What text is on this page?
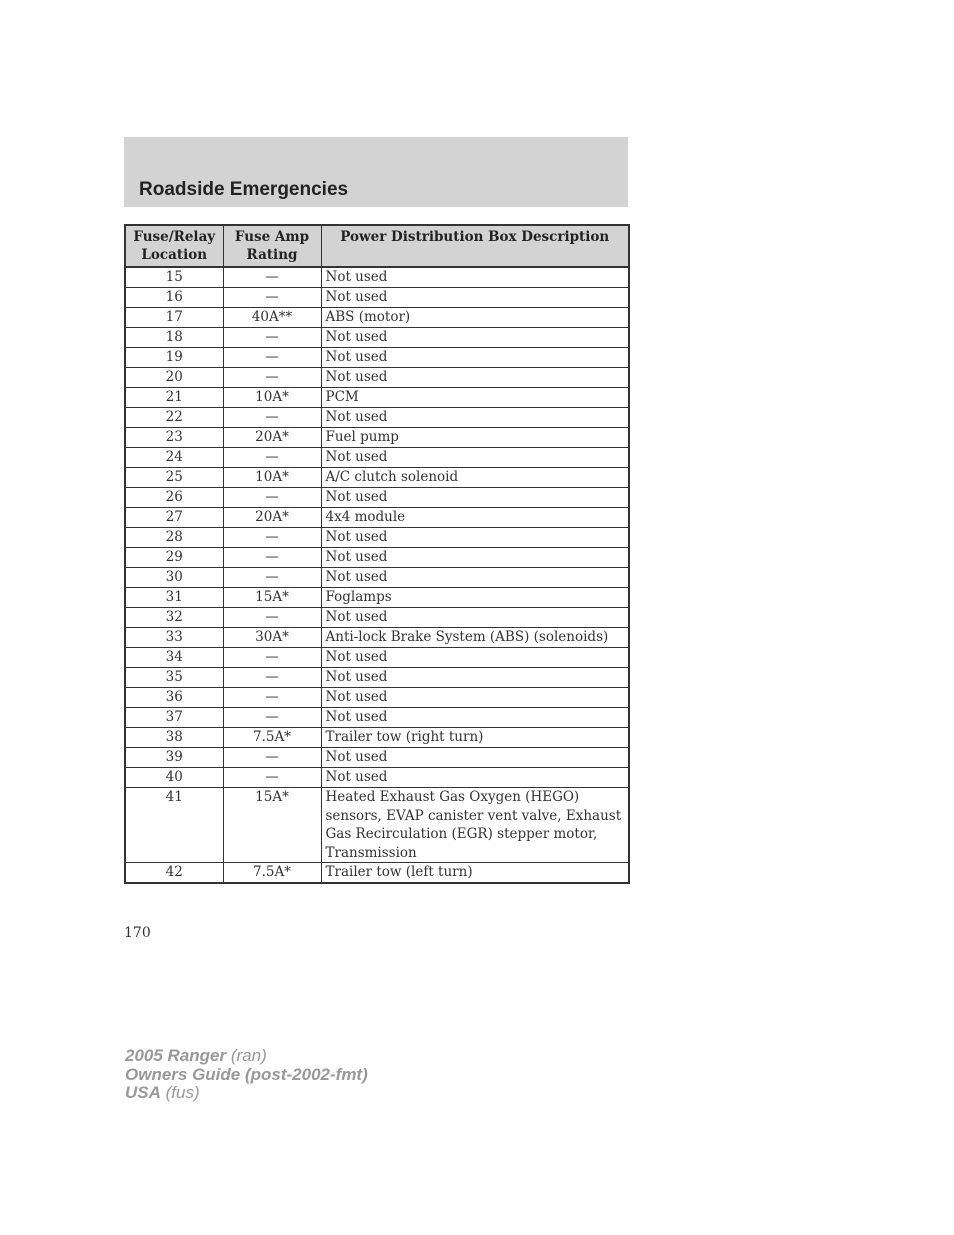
Roadside Emergencies
Fuse/Relay Location	Fuse Amp Rating	Power Distribution Box Description
15	—	Not used
16	—	Not used
17	40A**	ABS (motor)
18	—	Not used
19	—	Not used
20	—	Not used
21	10A*	PCM
22	—	Not used
23	20A*	Fuel pump
24	—	Not used
25	10A*	A/C clutch solenoid
26	—	Not used
27	20A*	4x4 module
28	—	Not used
29	—	Not used
30	—	Not used
31	15A*	Foglamps
32	—	Not used
33	30A*	Anti-lock Brake System (ABS) (solenoids)
34	—	Not used
35	—	Not used
36	—	Not used
37	—	Not used
38	7.5A*	Trailer tow (right turn)
39	—	Not used
40	—	Not used
41	15A*	Heated Exhaust Gas Oxygen (HEGO) sensors, EVAP canister vent valve, Exhaust Gas Recirculation (EGR) stepper motor, Transmission
42	7.5A*	Trailer tow (left turn)
170
2005 Ranger (ran)
Owners Guide (post-2002-fmt)
USA (fus)
